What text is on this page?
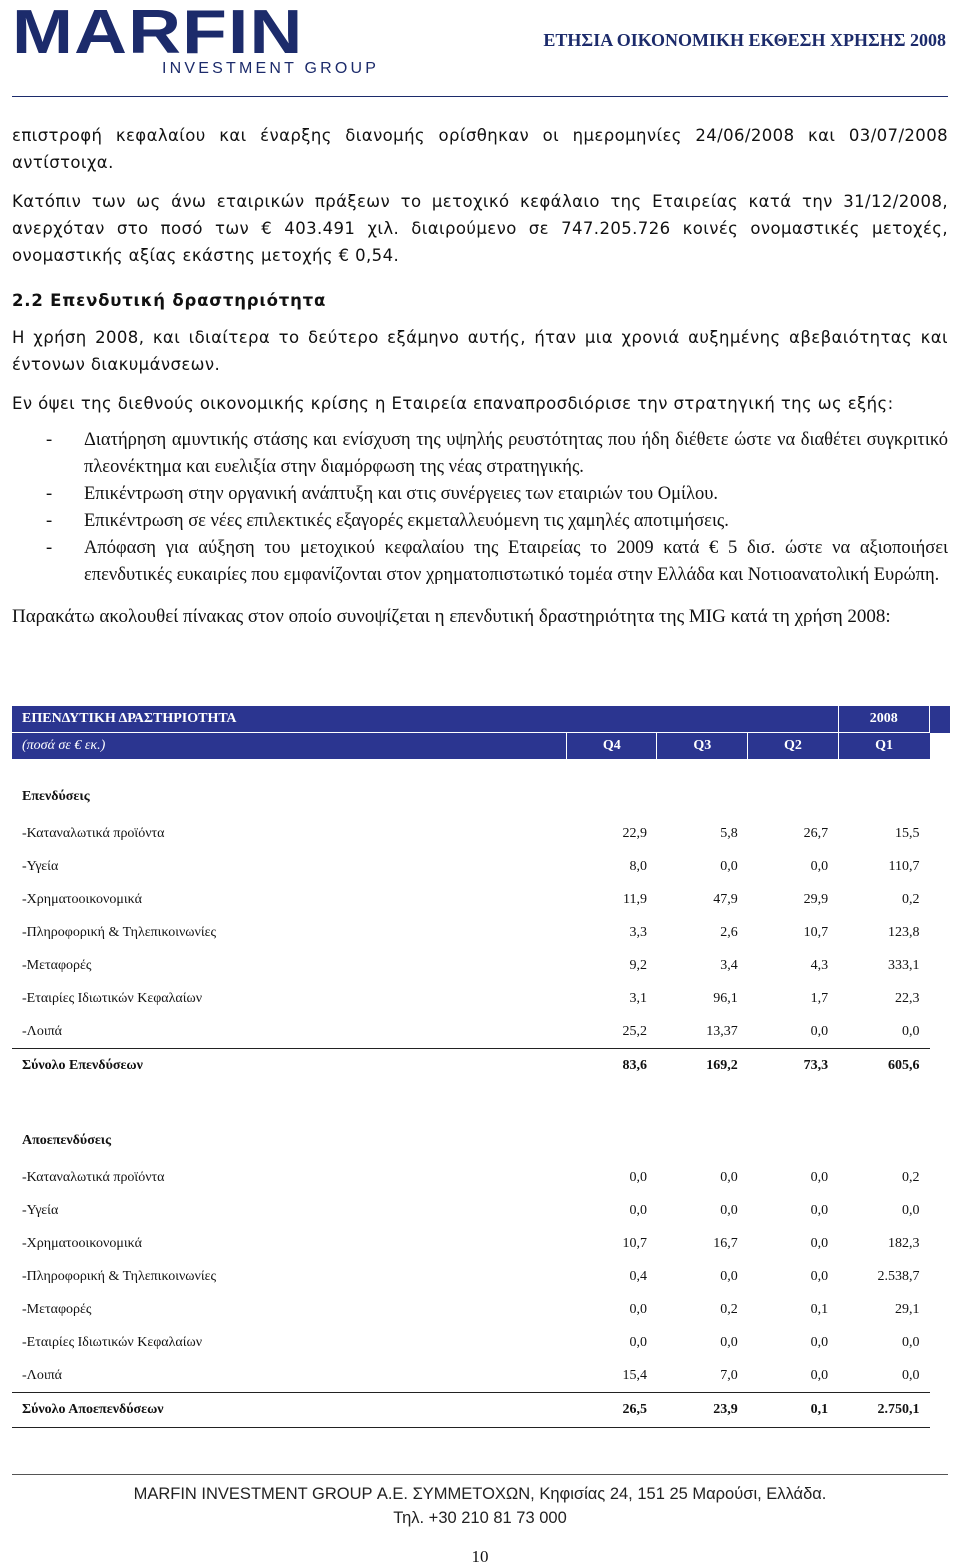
MARFIN
INVESTMENT GROUP
ΕΤΗΣΙΑ ΟΙΚΟΝΟΜΙΚΗ ΕΚΘΕΣΗ ΧΡΗΣΗΣ 2008

επιστροφή κεφαλαίου και έναρξης διανομής ορίσθηκαν οι ημερομηνίες 24/06/2008 και 03/07/2008 αντίστοιχα.

Κατόπιν των ως άνω εταιρικών πράξεων το μετοχικό κεφάλαιο της Εταιρείας κατά την 31/12/2008, ανερχόταν στο ποσό των € 403.491 χιλ. διαιρούμενο σε 747.205.726 κοινές ονομαστικές μετοχές, ονομαστικής αξίας εκάστης μετοχής € 0,54.

2.2 Επενδυτική δραστηριότητα

Η χρήση 2008, και ιδιαίτερα το δεύτερο εξάμηνο αυτής, ήταν μια χρονιά αυξημένης αβεβαιότητας και έντονων διακυμάνσεων.

Εν όψει της διεθνούς οικονομικής κρίσης η Εταιρεία επαναπροσδιόρισε την στρατηγική της ως εξής:

- Διατήρηση αμυντικής στάσης και ενίσχυση της υψηλής ρευστότητας που ήδη διέθετε ώστε να διαθέτει συγκριτικό πλεονέκτημα και ευελιξία στην διαμόρφωση της νέας στρατηγικής.
- Επικέντρωση στην οργανική ανάπτυξη και στις συνέργειες των εταιριών του Ομίλου.
- Επικέντρωση σε νέες επιλεκτικές εξαγορές εκμεταλλευόμενη τις χαμηλές αποτιμήσεις.
- Απόφαση για αύξηση του μετοχικού κεφαλαίου της Εταιρείας το 2009 κατά € 5 δισ. ώστε να αξιοποιήσει επενδυτικές ευκαιρίες που εμφανίζονται στον χρηματοπιστωτικό τομέα στην Ελλάδα και Νοτιοανατολική Ευρώπη.

Παρακάτω ακολουθεί πίνακας στον οποίο συνοψίζεται η επενδυτική δραστηριότητα της MIG κατά τη χρήση 2008:

ΕΠΕΝΔΥΤΙΚΗ ΔΡΑΣΤΗΡΙΟΤΗΤΑ				2008	
(ποσά σε € εκ.)	Q4	Q3	Q2	Q1	
Επενδύσεις					
-Καταναλωτικά προϊόντα	22,9	5,8	26,7	15,5	
-Υγεία	8,0	0,0	0,0	110,7	
-Χρηματοοικονομικά	11,9	47,9	29,9	0,2	
-Πληροφορική & Τηλεπικοινωνίες	3,3	2,6	10,7	123,8	
-Μεταφορές	9,2	3,4	4,3	333,1	
-Εταιρίες Ιδιωτικών Κεφαλαίων	3,1	96,1	1,7	22,3	
-Λοιπά	25,2	13,37	0,0	0,0	
Σύνολο Επενδύσεων	83,6	169,2	73,3	605,6	

Αποεπενδύσεις					
-Καταναλωτικά προϊόντα	0,0	0,0	0,0	0,2	
-Υγεία	0,0	0,0	0,0	0,0	
-Χρηματοοικονομικά	10,7	16,7	0,0	182,3	
-Πληροφορική & Τηλεπικοινωνίες	0,4	0,0	0,0	2.538,7	
-Μεταφορές	0,0	0,2	0,1	29,1	
-Εταιρίες Ιδιωτικών Κεφαλαίων	0,0	0,0	0,0	0,0	
-Λοιπά	15,4	7,0	0,0	0,0	
Σύνολο Αποεπενδύσεων	26,5	23,9	0,1	2.750,1	
MARFIN INVESTMENT GROUP Α.Ε. ΣΥΜΜΕΤΟΧΩΝ, Κηφισίας 24, 151 25 Μαρούσι, Ελλάδα.
Τηλ. +30 210 81 73 000
10
